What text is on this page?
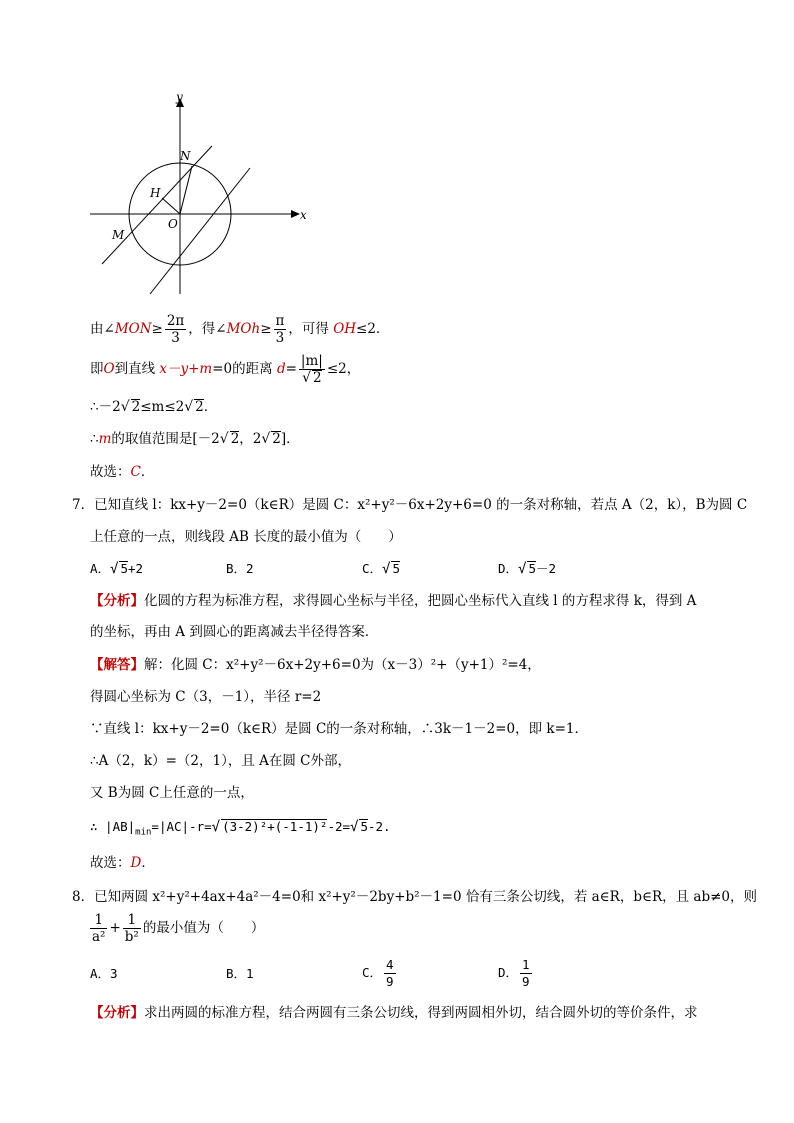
x
y
N
H
O
M
由∠MON≥ $\frac{2\pi}{3}$ ，得∠MOh≥ $\frac{\pi}{3}$ ，可得 OH≤2．
即O到直线 x－y+m=0的距离 $d= \frac{|m|}{√ 2} \le 2$，
∴－2√ 2≤m≤2√ 2．
∴m的取值范围是[－2√ 2，2√ 2]．
故选：C．
7．已知直线 l：kx+y－2=0（k∈R）是圆 C：x²+y²－6x+2y+6=0 的一条对称轴，若点 A（2，k），B为圆 C
上任意的一点，则线段 AB 长度的最小值为（　　）
A．√ 5+2	B．2	C．√ 5	D．√ 5－2
【分析】化圆的方程为标准方程，求得圆心坐标与半径，把圆心坐标代入直线 l 的方程求得 k，得到 A
的坐标，再由 A 到圆心的距离减去半径得答案．
【解答】解：化圆 C：x²+y²－6x+2y+6=0为（x－3）²+（y+1）²=4，
得圆心坐标为 C（3，－1），半径 r=2
∵直线 l：kx+y－2=0（k∈R）是圆 C的一条对称轴，∴3k－1－2=0，即 k=1．
∴A（2，k）=（2，1），且 A在圆 C外部，
又 B为圆 C上任意的一点，
∴ $|AB|_{min}=|AC|-r=√$ (3-2)²+(-1-1)²-2=√ 5-2.
故选：D．
8．已知两圆 x²+y²+4ax+4a²－4=0和 x²+y²－2by+b²－1=0 恰有三条公切线，若 a∈R，b∈R，且 ab≠0，则
$\frac{1}{\text{a²}} + \frac{1}{\text{b²}}$ 的最小值为（　　）
A．3	B．1	C． $\frac{4}{9}$	D． $\frac{1}{9}$
【分析】求出两圆的标准方程，结合两圆有三条公切线，得到两圆相外切，结合圆外切的等价条件，求
